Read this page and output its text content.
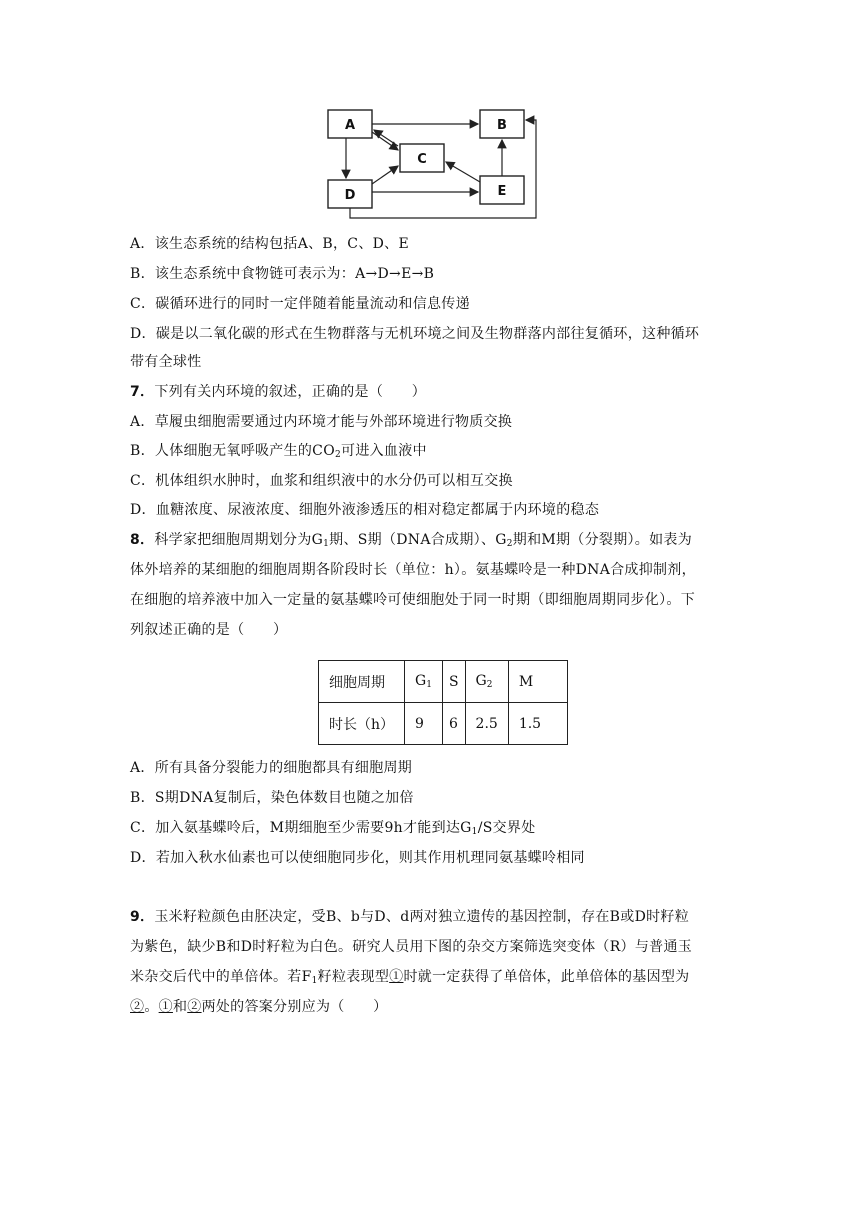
A	B
C
D	E
A．该生态系统的结构包括A、B，C、D、E
B．该生态系统中食物链可表示为：A→D→E→B
C．碳循环进行的同时一定伴随着能量流动和信息传递
D．碳是以二氧化碳的形式在生物群落与无机环境之间及生物群落内部往复循环，这种循环
带有全球性
7．下列有关内环境的叙述，正确的是（　　）
A．草履虫细胞需要通过内环境才能与外部环境进行物质交换
B．人体细胞无氧呼吸产生的$CO_2$可进入血液中
C．机体组织水肿时，血浆和组织液中的水分仍可以相互交换
D．血糖浓度、尿液浓度、细胞外液渗透压的相对稳定都属于内环境的稳态
8．科学家把细胞周期划分为$G_1$期、S期（DNA合成期）、$G_2$期和M期（分裂期）。如表为
体外培养的某细胞的细胞周期各阶段时长（单位：h）。氨基蝶呤是一种DNA合成抑制剂，
在细胞的培养液中加入一定量的氨基蝶呤可使细胞处于同一时期（即细胞周期同步化）。下
列叙述正确的是（　　）
细胞周期	$G_1$	S	$G_2$	M
时长（h）	9	6	2.5	1.5
A．所有具备分裂能力的细胞都具有细胞周期
B．S期DNA复制后，染色体数目也随之加倍
C．加入氨基蝶呤后，M期细胞至少需要9h才能到达$G_1/S$交界处
D．若加入秋水仙素也可以使细胞同步化，则其作用机理同氨基蝶呤相同
9．玉米籽粒颜色由胚决定，受B、b与D、d两对独立遗传的基因控制，存在B或D时籽粒
为紫色，缺少B和D时籽粒为白色。研究人员用下图的杂交方案筛选突变体（R）与普通玉
米杂交后代中的单倍体。若$F_1$籽粒表现型①时就一定获得了单倍体，此单倍体的基因型为
②。①和②两处的答案分别应为（　　）
